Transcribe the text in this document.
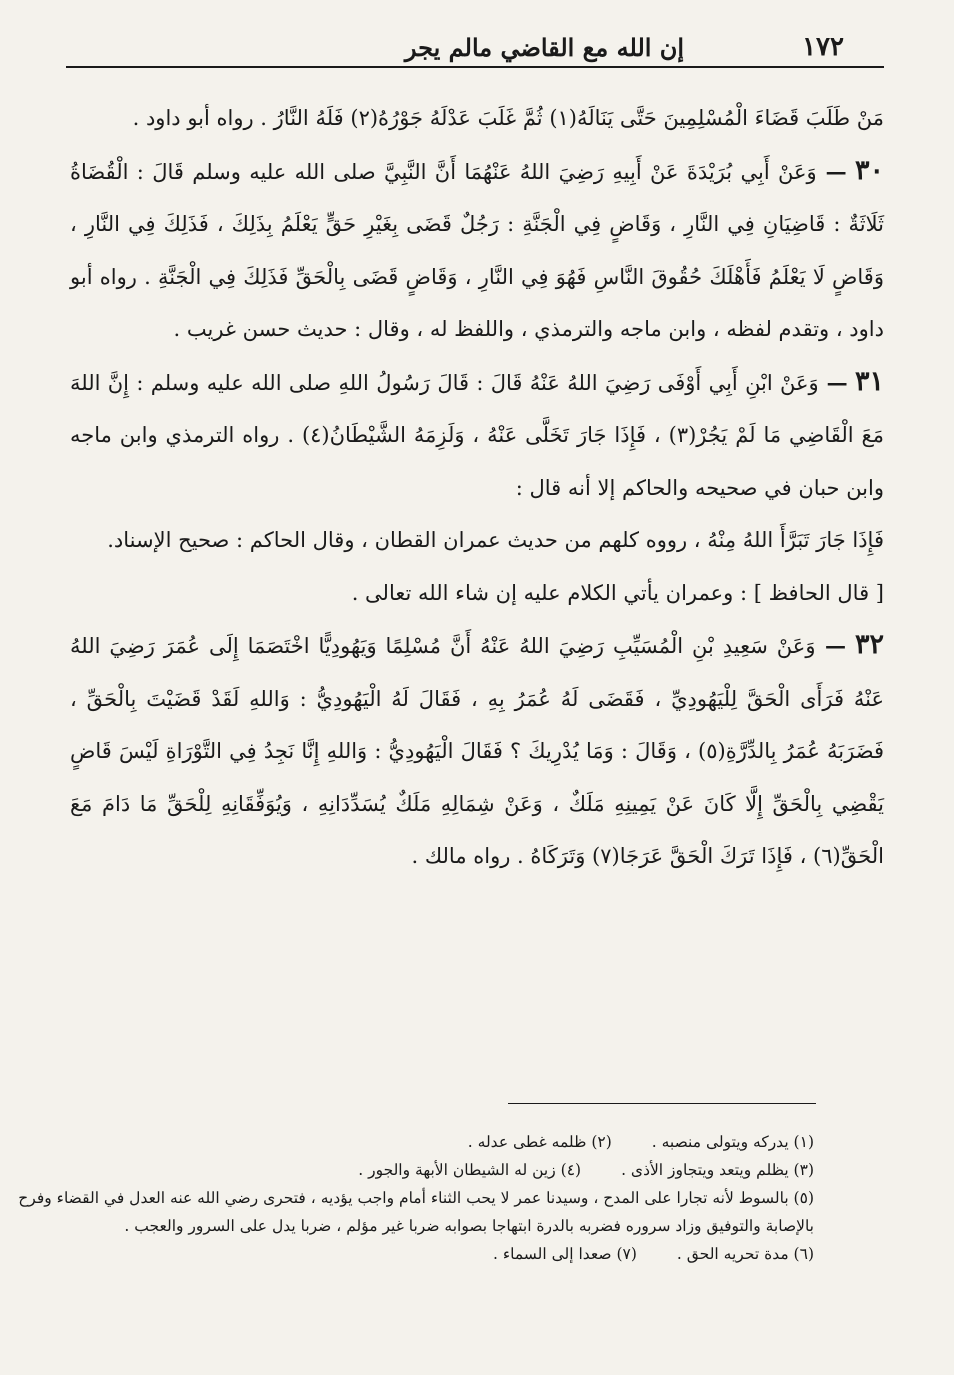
١٧٢
إن الله مع القاضي مالم يجر

مَنْ طَلَبَ قَضَاءَ الْمُسْلِمِينَ حَتَّى يَنَالَهُ(١) ثُمَّ غَلَبَ عَدْلَهُ جَوْرُهُ(٢) فَلَهُ النَّارُ . رواه أبو داود .

٣٠ — وَعَنْ أَبِي بُرَيْدَةَ عَنْ أَبِيهِ رَضِيَ اللهُ عَنْهُمَا أَنَّ النَّبِيَّ صلى الله عليه وسلم قَالَ : الْقُضَاةُ ثَلَاثَةٌ : قَاضِيَانِ فِي النَّارِ ، وَقَاضٍ فِي الْجَنَّةِ : رَجُلٌ قَضَى بِغَيْرِ حَقٍّ يَعْلَمُ بِذَلِكَ ، فَذَلِكَ فِي النَّارِ ، وَقَاضٍ لَا يَعْلَمُ فَأَهْلَكَ حُقُوقَ النَّاسِ فَهُوَ فِي النَّارِ ، وَقَاضٍ قَضَى بِالْحَقِّ فَذَلِكَ فِي الْجَنَّةِ . رواه أبو داود ، وتقدم لفظه ، وابن ماجه والترمذي ، واللفظ له ، وقال : حديث حسن غريب .

٣١ — وَعَنْ ابْنِ أَبِي أَوْفَى رَضِيَ اللهُ عَنْهُ قَالَ : قَالَ رَسُولُ اللهِ صلى الله عليه وسلم : إِنَّ اللهَ مَعَ الْقَاضِي مَا لَمْ يَجُرْ(٣) ، فَإِذَا جَارَ تَخَلَّى عَنْهُ ، وَلَزِمَهُ الشَّيْطَانُ(٤) . رواه الترمذي وابن ماجه وابن حبان في صحيحه والحاكم إلا أنه قال :

فَإِذَا جَارَ تَبَرَّأَ اللهُ مِنْهُ ، رووه كلهم من حديث عمران القطان ، وقال الحاكم : صحيح الإسناد.

[ قال الحافظ ] : وعمران يأتي الكلام عليه إن شاء الله تعالى .

٣٢ — وَعَنْ سَعِيدِ بْنِ الْمُسَيِّبِ رَضِيَ اللهُ عَنْهُ أَنَّ مُسْلِمًا وَيَهُودِيًّا اخْتَصَمَا إِلَى عُمَرَ رَضِيَ اللهُ عَنْهُ فَرَأَى الْحَقَّ لِلْيَهُودِيِّ ، فَقَضَى لَهُ عُمَرُ بِهِ ، فَقَالَ لَهُ الْيَهُودِيُّ : وَاللهِ لَقَدْ قَضَيْتَ بِالْحَقِّ ، فَضَرَبَهُ عُمَرُ بِالدِّرَّةِ(٥) ، وَقَالَ : وَمَا يُدْرِيكَ ؟ فَقَالَ الْيَهُودِيُّ : وَاللهِ إِنَّا نَجِدُ فِي التَّوْرَاةِ لَيْسَ قَاضٍ يَقْضِي بِالْحَقِّ إِلَّا كَانَ عَنْ يَمِينِهِ مَلَكٌ ، وَعَنْ شِمَالِهِ مَلَكٌ يُسَدِّدَانِهِ ، وَيُوَفِّقَانِهِ لِلْحَقِّ مَا دَامَ مَعَ الْحَقِّ(٦) ، فَإِذَا تَرَكَ الْحَقَّ عَرَجَا(٧) وَتَرَكَاهُ . رواه مالك .

(١) يدركه ويتولى منصبه .
(٢) ظلمه غطى عدله .
(٣) يظلم ويتعد ويتجاوز الأذى .
(٤) زين له الشيطان الأبهة والجور .
(٥) بالسوط لأنه تجارا على المدح ، وسيدنا عمر لا يحب الثناء أمام واجب يؤديه ، فتحرى رضي الله عنه العدل في القضاء وفرح بالإصابة والتوفيق وزاد سروره فضربه بالدرة ابتهاجا بصوابه ضربا غير مؤلم ، ضربا يدل على السرور والعجب .
(٦) مدة تحريه الحق .
(٧) صعدا إلى السماء .
